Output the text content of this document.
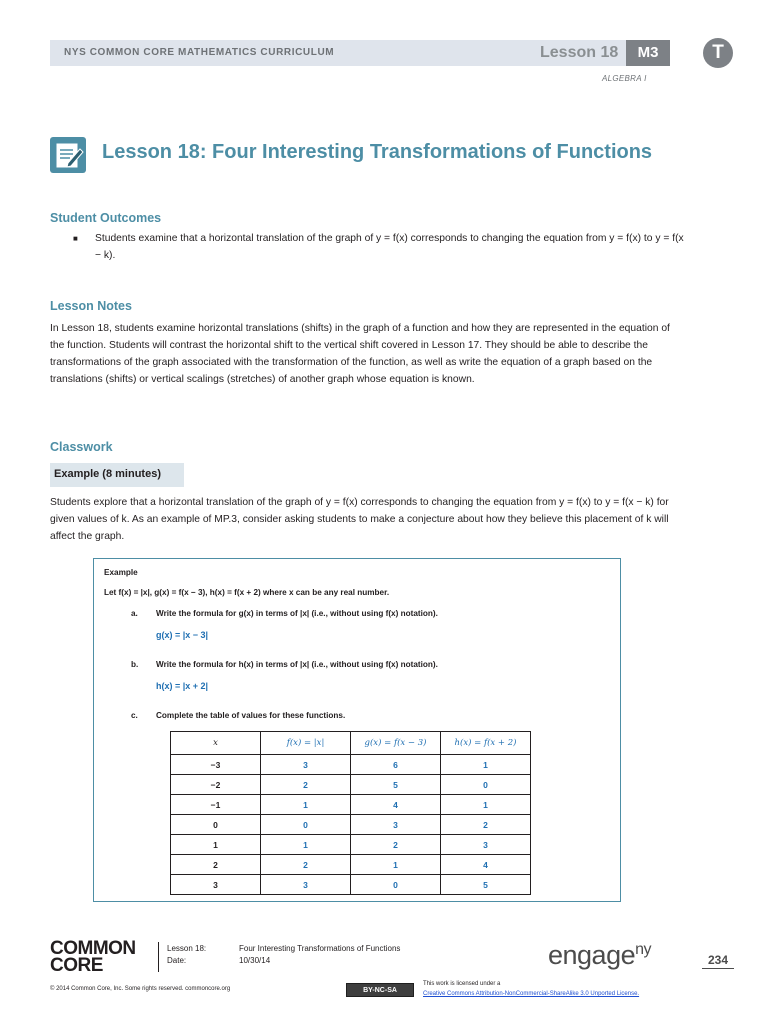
NYS COMMON CORE MATHEMATICS CURRICULUM	Lesson 18	M3	T
ALGEBRA I
Lesson 18: Four Interesting Transformations of Functions
Student Outcomes
■ Students examine that a horizontal translation of the graph of y = f(x) corresponds to changing the equation from y = f(x) to y = f(x − k).
Lesson Notes
In Lesson 18, students examine horizontal translations (shifts) in the graph of a function and how they are represented in the equation of the function. Students will contrast the horizontal shift to the vertical shift covered in Lesson 17. They should be able to describe the transformations of the graph associated with the transformation of the function, as well as write the equation of a graph based on the translations (shifts) or vertical scalings (stretches) of another graph whose equation is known.
Classwork
Example (8 minutes)
Students explore that a horizontal translation of the graph of y = f(x) corresponds to changing the equation from y = f(x) to y = f(x − k) for given values of k. As an example of MP.3, consider asking students to make a conjecture about how they believe this placement of k will affect the graph.
Example
Let f(x) = |x|, g(x) = f(x − 3), h(x) = f(x + 2) where x can be any real number.
a. Write the formula for g(x) in terms of |x| (i.e., without using f(x) notation).
g(x) = |x − 3|
b. Write the formula for h(x) in terms of |x| (i.e., without using f(x) notation).
h(x) = |x + 2|
c. Complete the table of values for these functions.
x	f(x) = |x|	g(x) = f(x − 3)	h(x) = f(x + 2)
−3	3	6	1
−2	2	5	0
−1	1	4	1
0	0	3	2
1	1	2	3
2	2	1	4
3	3	0	5
COMMON
CORE
Lesson 18:
Date:
Four Interesting Transformations of Functions
10/30/14	engage$^{ny}$
234
© 2014 Common Core, Inc. Some rights reserved. commoncore.org	BY-NC-SA
This work is licensed under a
Creative Commons Attribution-NonCommercial-ShareAlike 3.0 Unported License.
